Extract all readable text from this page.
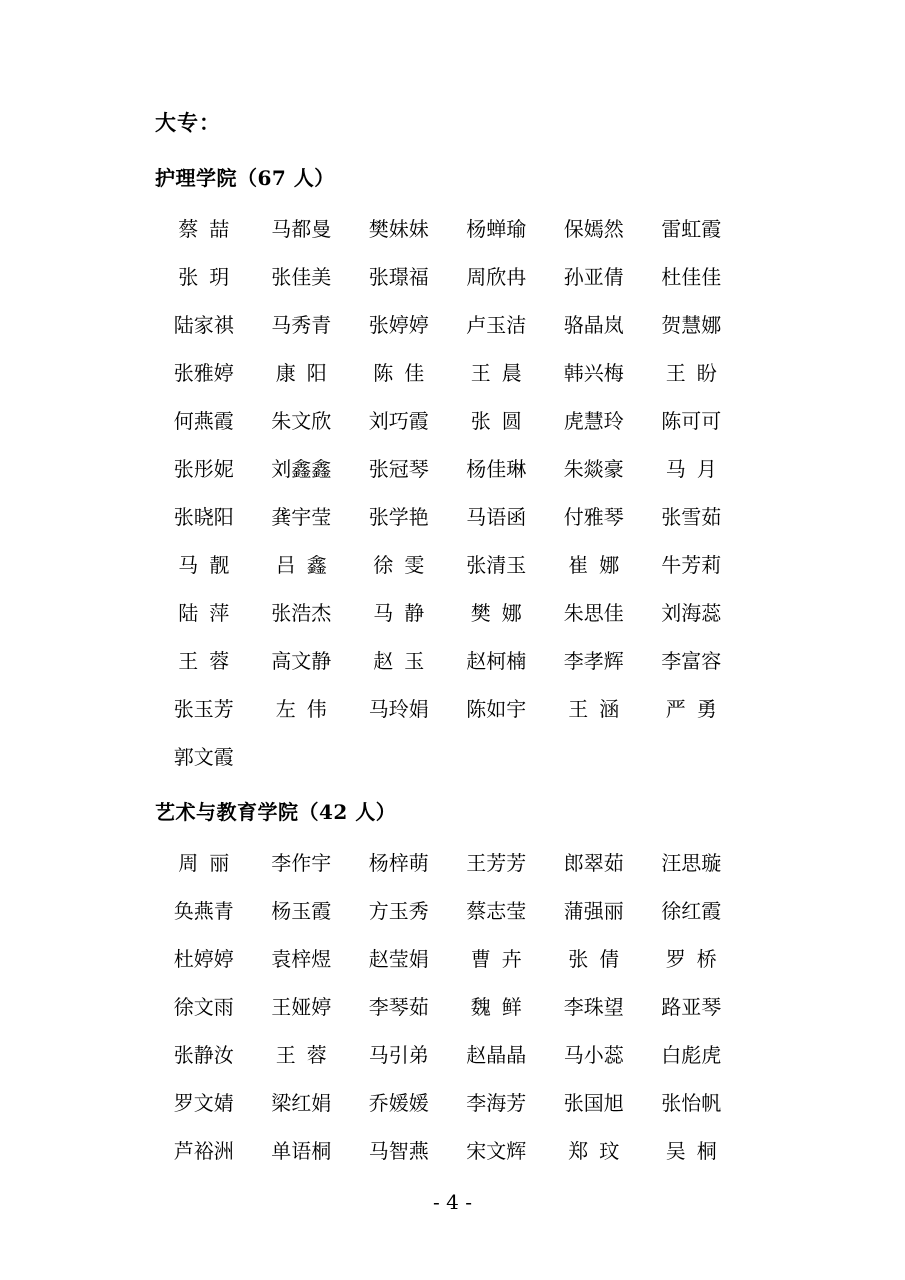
大专：
护理学院（67 人）
蔡 喆	马都曼	樊妹妹	杨蝉瑜	保嫣然	雷虹霞
张 玥	张佳美	张璟福	周欣冉	孙亚倩	杜佳佳
陆家祺	马秀青	张婷婷	卢玉洁	骆晶岚	贺慧娜
张雅婷	康 阳	陈 佳	王 晨	韩兴梅	王 盼
何燕霞	朱文欣	刘巧霞	张 圆	虎慧玲	陈可可
张彤妮	刘鑫鑫	张冠琴	杨佳琳	朱燚豪	马 月
张晓阳	龚宇莹	张学艳	马语函	付雅琴	张雪茹
马 靓	吕 鑫	徐 雯	张清玉	崔 娜	牛芳莉
陆 萍	张浩杰	马 静	樊 娜	朱思佳	刘海蕊
王 蓉	高文静	赵 玉	赵柯楠	李孝辉	李富容
张玉芳	左 伟	马玲娟	陈如宇	王 涵	严 勇
郭文霞
艺术与教育学院（42 人）
周 丽	李作宇	杨梓萌	王芳芳	郎翠茹	汪思璇
奂燕青	杨玉霞	方玉秀	蔡志莹	蒲强丽	徐红霞
杜婷婷	袁梓煜	赵莹娟	曹 卉	张 倩	罗 桥
徐文雨	王娅婷	李琴茹	魏 鲜	李珠望	路亚琴
张静汝	王 蓉	马引弟	赵晶晶	马小蕊	白彪虎
罗文婧	梁红娟	乔媛媛	李海芳	张国旭	张怡帆
芦裕洲	单语桐	马智燕	宋文辉	郑 玟	吴 桐
- 4 -
